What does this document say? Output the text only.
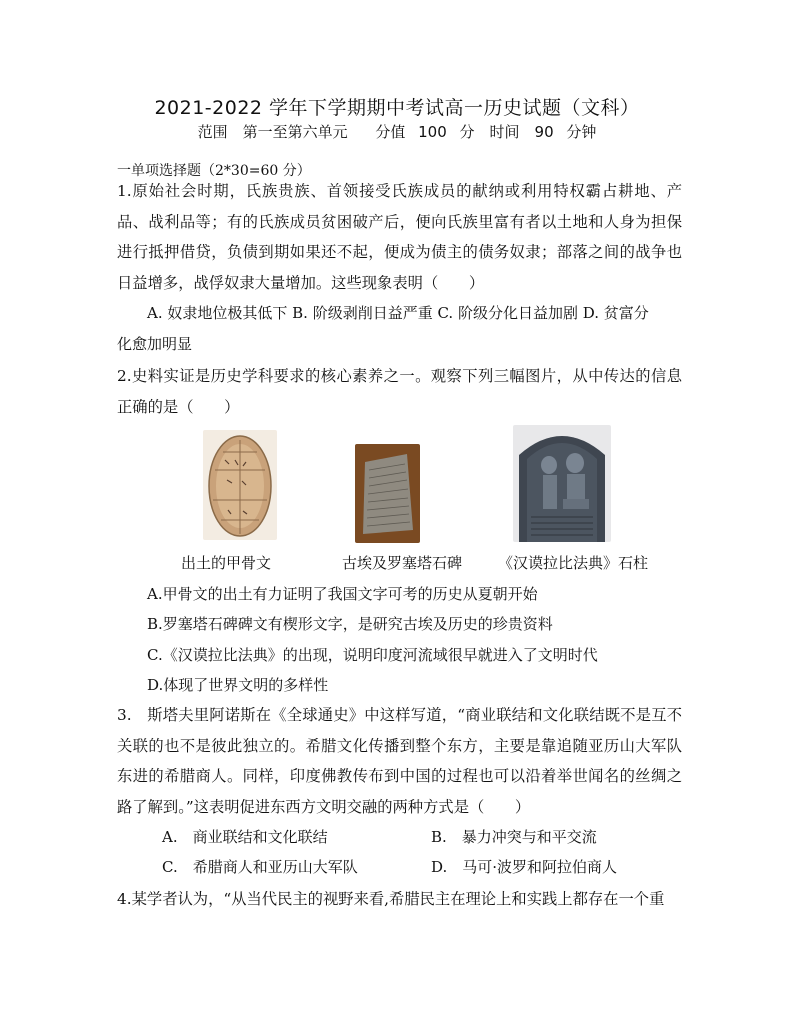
2021-2022 学年下学期期中考试高一历史试题（文科）
范围　第一至第六单元　 分值 100 分　时间　90 分钟
一单项选择题（2*30=60 分）
1.原始社会时期，氏族贵族、首领接受氏族成员的献纳或利用特权霸占耕地、产品、战利品等；有的氏族成员贫困破产后，便向氏族里富有者以土地和人身为担保进行抵押借贷，负债到期如果还不起，便成为债主的债务奴隶；部落之间的战争也日益增多，战俘奴隶大量增加。这些现象表明（　　）
A. 奴隶地位极其低下 B. 阶级剥削日益严重 C. 阶级分化日益加剧 D. 贫富分
化愈加明显
2.史料实证是历史学科要求的核心素养之一。观察下列三幅图片，从中传达的信息正确的是（　　）
出土的甲骨文	古埃及罗塞塔石碑 《汉谟拉比法典》石柱
A.甲骨文的出土有力证明了我国文字可考的历史从夏朝开始
B.罗塞塔石碑碑文有楔形文字，是研究古埃及历史的珍贵资料
C.《汉谟拉比法典》的出现，说明印度河流域很早就进入了文明时代
D.体现了世界文明的多样性
3.　斯塔夫里阿诺斯在《全球通史》中这样写道，“商业联结和文化联结既不是互不关联的也不是彼此独立的。希腊文化传播到整个东方，主要是靠追随亚历山大军队东进的希腊商人。同样，印度佛教传布到中国的过程也可以沿着举世闻名的丝绸之路了解到。”这表明促进东西方文明交融的两种方式是（　　）
A.　商业联结和文化联结	B.　暴力冲突与和平交流
C.　希腊商人和亚历山大军队	D.　马可·波罗和阿拉伯商人
4.某学者认为，“从当代民主的视野来看,希腊民主在理论上和实践上都存在一个重
